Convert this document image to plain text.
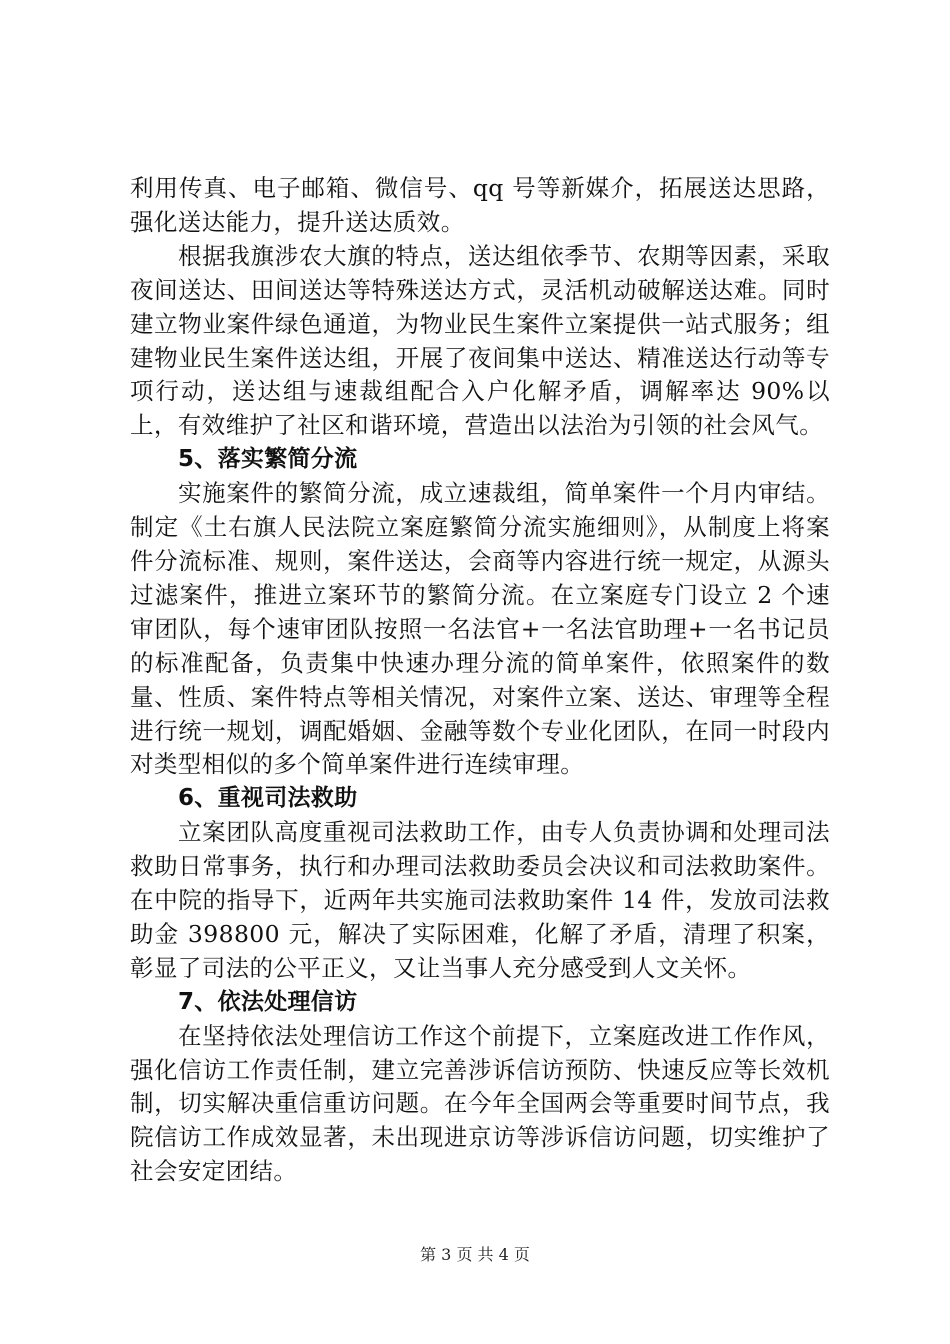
利用传真、电子邮箱、微信号、qq 号等新媒介，拓展送达思路，强化送达能力，提升送达质效。

根据我旗涉农大旗的特点，送达组依季节、农期等因素，采取夜间送达、田间送达等特殊送达方式，灵活机动破解送达难。同时建立物业案件绿色通道，为物业民生案件立案提供一站式服务；组建物业民生案件送达组，开展了夜间集中送达、精准送达行动等专项行动，送达组与速裁组配合入户化解矛盾，调解率达 90%以上，有效维护了社区和谐环境，营造出以法治为引领的社会风气。

5、落实繁简分流

实施案件的繁简分流，成立速裁组，简单案件一个月内审结。制定《土右旗人民法院立案庭繁简分流实施细则》，从制度上将案件分流标准、规则，案件送达，会商等内容进行统一规定，从源头过滤案件，推进立案环节的繁简分流。在立案庭专门设立 2 个速审团队，每个速审团队按照一名法官+一名法官助理+一名书记员的标准配备，负责集中快速办理分流的简单案件，依照案件的数量、性质、案件特点等相关情况，对案件立案、送达、审理等全程进行统一规划，调配婚姻、金融等数个专业化团队，在同一时段内对类型相似的多个简单案件进行连续审理。

6、重视司法救助

立案团队高度重视司法救助工作，由专人负责协调和处理司法救助日常事务，执行和办理司法救助委员会决议和司法救助案件。在中院的指导下，近两年共实施司法救助案件 14 件，发放司法救助金 398800 元，解决了实际困难，化解了矛盾，清理了积案，彰显了司法的公平正义，又让当事人充分感受到人文关怀。

7、依法处理信访

在坚持依法处理信访工作这个前提下，立案庭改进工作作风，强化信访工作责任制，建立完善涉诉信访预防、快速反应等长效机制，切实解决重信重访问题。在今年全国两会等重要时间节点，我院信访工作成效显著，未出现进京访等涉诉信访问题，切实维护了社会安定团结。

第 3 页 共 4 页
